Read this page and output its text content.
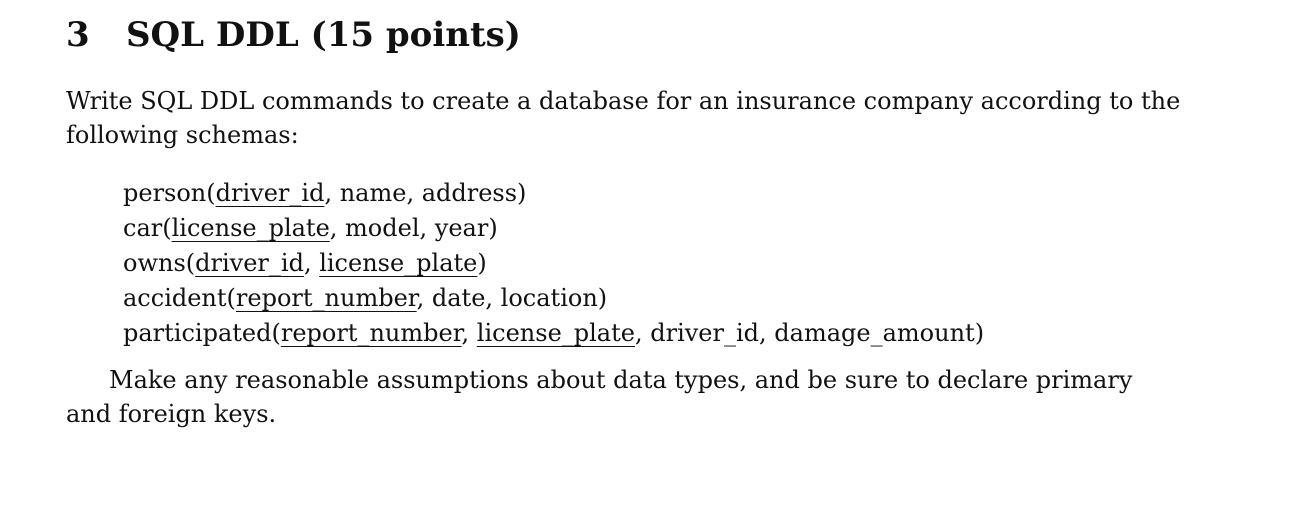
3 SQL DDL (15 points)

Write SQL DDL commands to create a database for an insurance company according to the following schemas:

person(driver_id, name, address)
car(license_plate, model, year)
owns(driver_id, license_plate)
accident(report_number, date, location)
participated(report_number, license_plate, driver_id, damage_amount)

Make any reasonable assumptions about data types, and be sure to declare primary and foreign keys.
